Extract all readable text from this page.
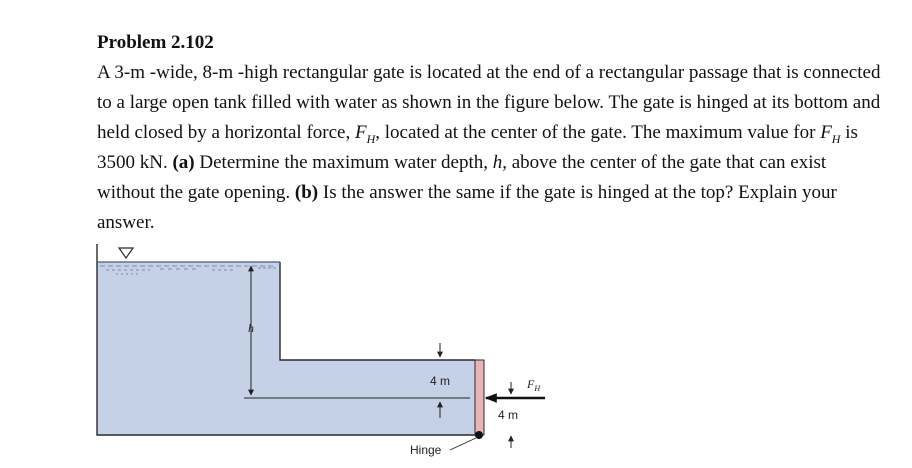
Problem 2.102

A 3-m -wide, 8-m -high rectangular gate is located at the end of a rectangular passage that is connected to a large open tank filled with water as shown in the figure below. The gate is hinged at its bottom and held closed by a horizontal force, $F_H$, located at the center of the gate. The maximum value for $F_H$ is 3500 kN. (a) Determine the maximum water depth, h, above the center of the gate that can exist without the gate opening. (b) Is the answer the same if the gate is hinged at the top? Explain your answer.

h
4 m
Hinge
FH
4 m
